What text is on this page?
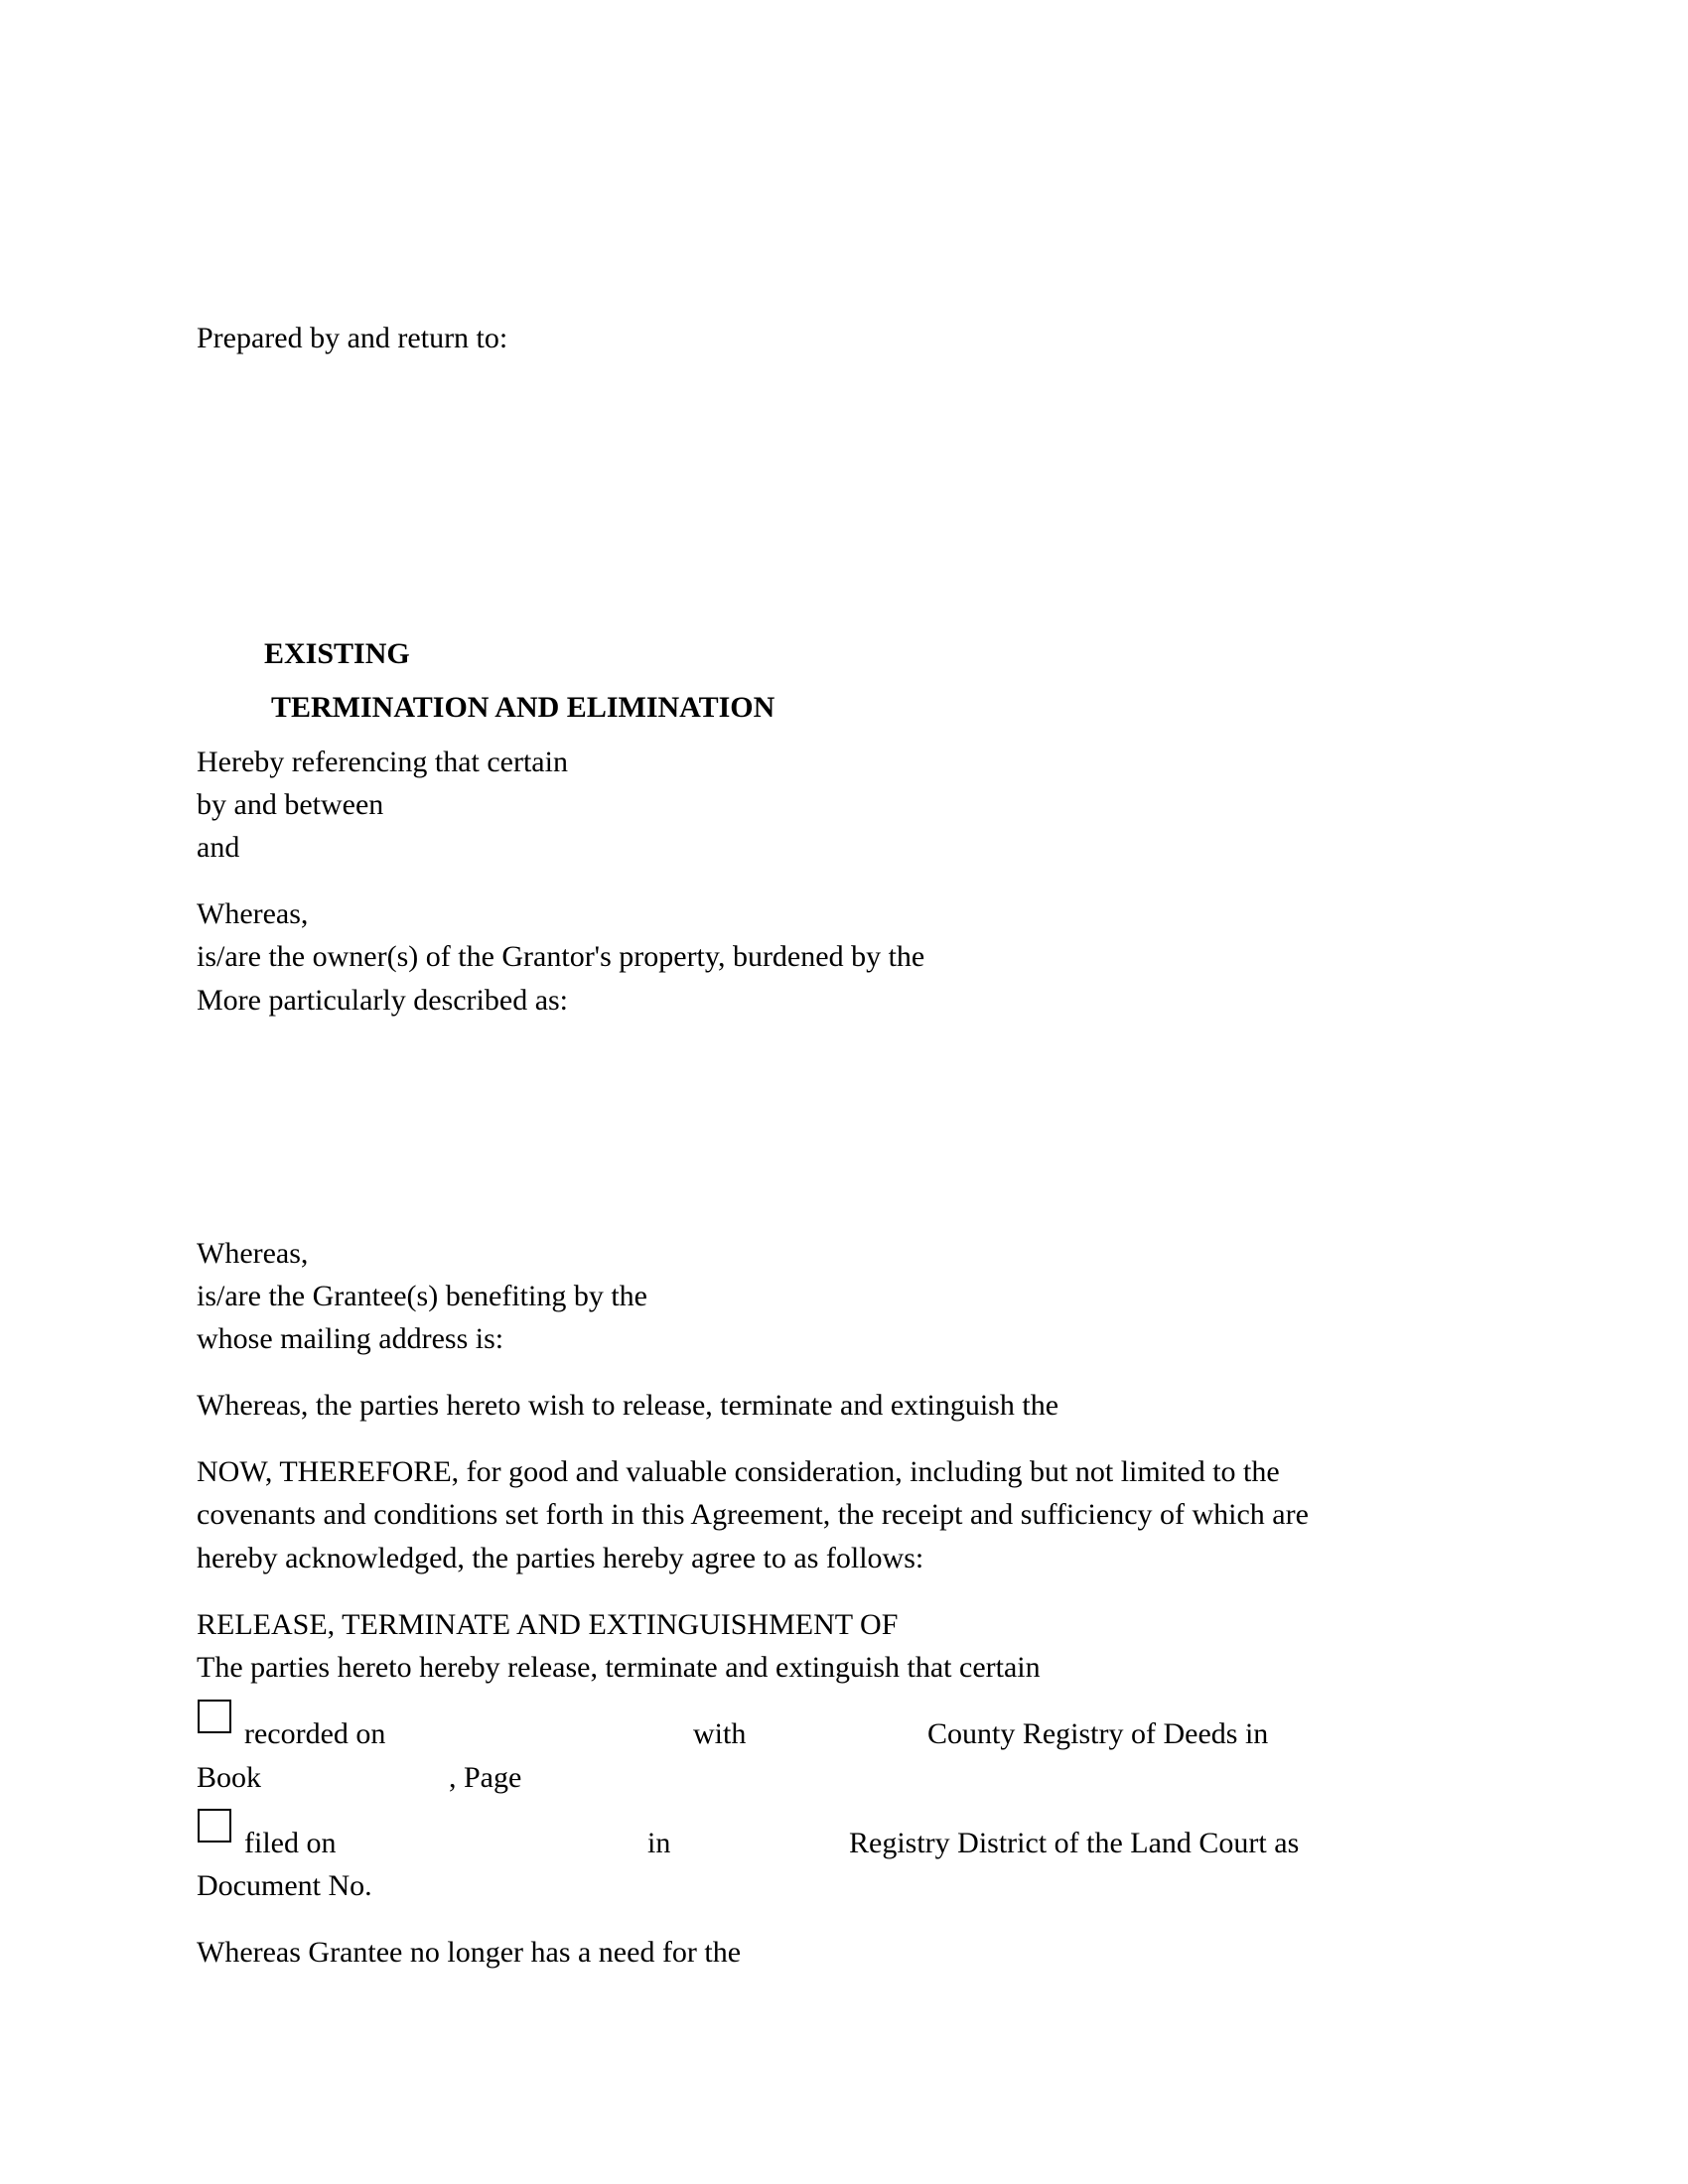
Prepared by and return to:

EXISTING

TERMINATION AND ELIMINATION

Hereby referencing that certain

by and between

and

Whereas,

is/are the owner(s) of the Grantor's property, burdened by the

More particularly described as:

Whereas,

is/are the Grantee(s) benefiting by the

whose mailing address is:

Whereas, the parties hereto wish to release, terminate and extinguish the

NOW, THEREFORE, for good and valuable consideration, including but not limited to the

covenants and conditions set forth in this Agreement, the receipt and sufficiency of which are

hereby acknowledged, the parties hereby agree to as follows:

RELEASE, TERMINATE AND EXTINGUISHMENT OF

The parties hereto hereby release, terminate and extinguish that certain

recorded on	with	County Registry of Deeds in

Book	, Page

filed on	in	Registry District of the Land Court as

Document No.

Whereas Grantee no longer has a need for the
